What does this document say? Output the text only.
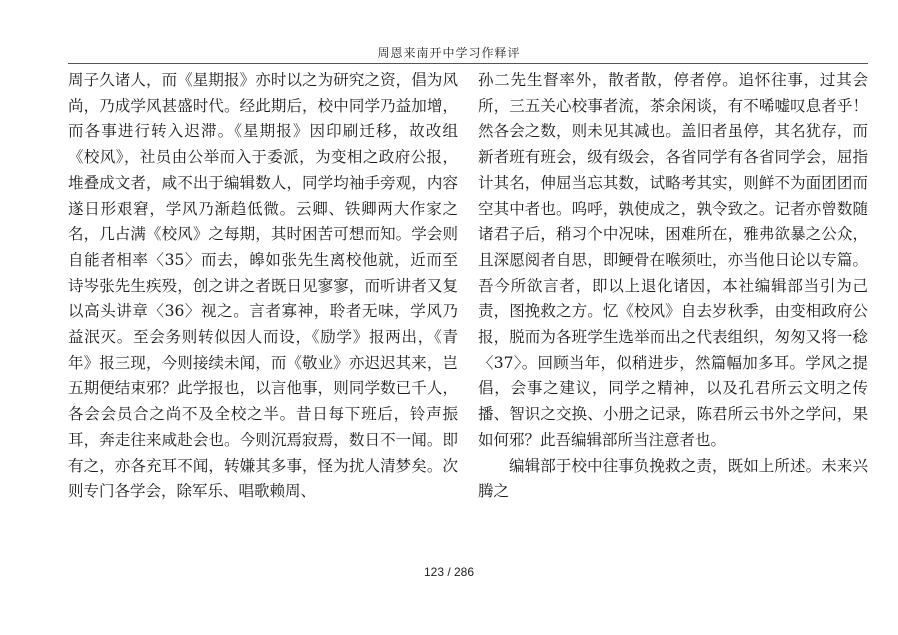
周恩来南开中学习作释评

周子久诸人，而《星期报》亦时以之为研究之资，倡为风尚，乃成学风甚盛时代。经此期后，校中同学乃益加增，而各事进行转入迟滞。《星期报》因印刷迁移，故改组《校风》，社员由公举而入于委派，为变相之政府公报，堆叠成文者，咸不出于编辑数人，同学均袖手旁观，内容遂日形艰窘，学风乃渐趋低微。云卿、铁卿两大作家之名，几占满《校风》之每期，其时困苦可想而知。学会则自能者相率〈35〉而去，皞如张先生离校他就，近而至诗岑张先生疾殁，创之讲之者既日见寥寥，而听讲者又复以高头讲章〈36〉视之。言者寡神，聆者无味，学风乃益泯灭。至会务则转似因人而设，《励学》报两出，《青年》报三现，今则接续未闻，而《敬业》亦迟迟其来，岂五期便结束邪？此学报也，以言他事，则同学数已千人，各会会员合之尚不及全校之半。昔日每下班后，铃声振耳，奔走往来咸赴会也。今则沉焉寂焉，数日不一闻。即有之，亦各充耳不闻，转嫌其多事，怪为扰人清梦矣。次则专门各学会，除军乐、唱歌赖周、

孙二先生督率外，散者散，停者停。追怀往事，过其会所，三五关心校事者流，茶余闲谈，有不唏嘘叹息者乎！然各会之数，则未见其减也。盖旧者虽停，其名犹存，而新者班有班会，级有级会，各省同学有各省同学会，屈指计其名，伸屈当忘其数，试略考其实，则鲜不为面团团而空其中者也。呜呼，孰使成之，孰令致之。记者亦曾数随诸君子后，稍习个中况味，困难所在，雅弗欲暴之公众，且深愿阅者自思，即鲠骨在喉须吐，亦当他日论以专篇。吾今所欲言者，即以上退化诸因，本社编辑部当引为己责，图挽救之方。忆《校风》自去岁秋季，由变相政府公报，脱而为各班学生选举而出之代表组织，匆匆又将一稔〈37〉。回顾当年，似稍进步，然篇幅加多耳。学风之提倡，会事之建议，同学之精神，以及孔君所云文明之传播、智识之交换、小册之记录，陈君所云书外之学问，果如何邪？此吾编辑部所当注意者也。

编辑部于校中往事负挽救之责，既如上所述。未来兴腾之

123 / 286
